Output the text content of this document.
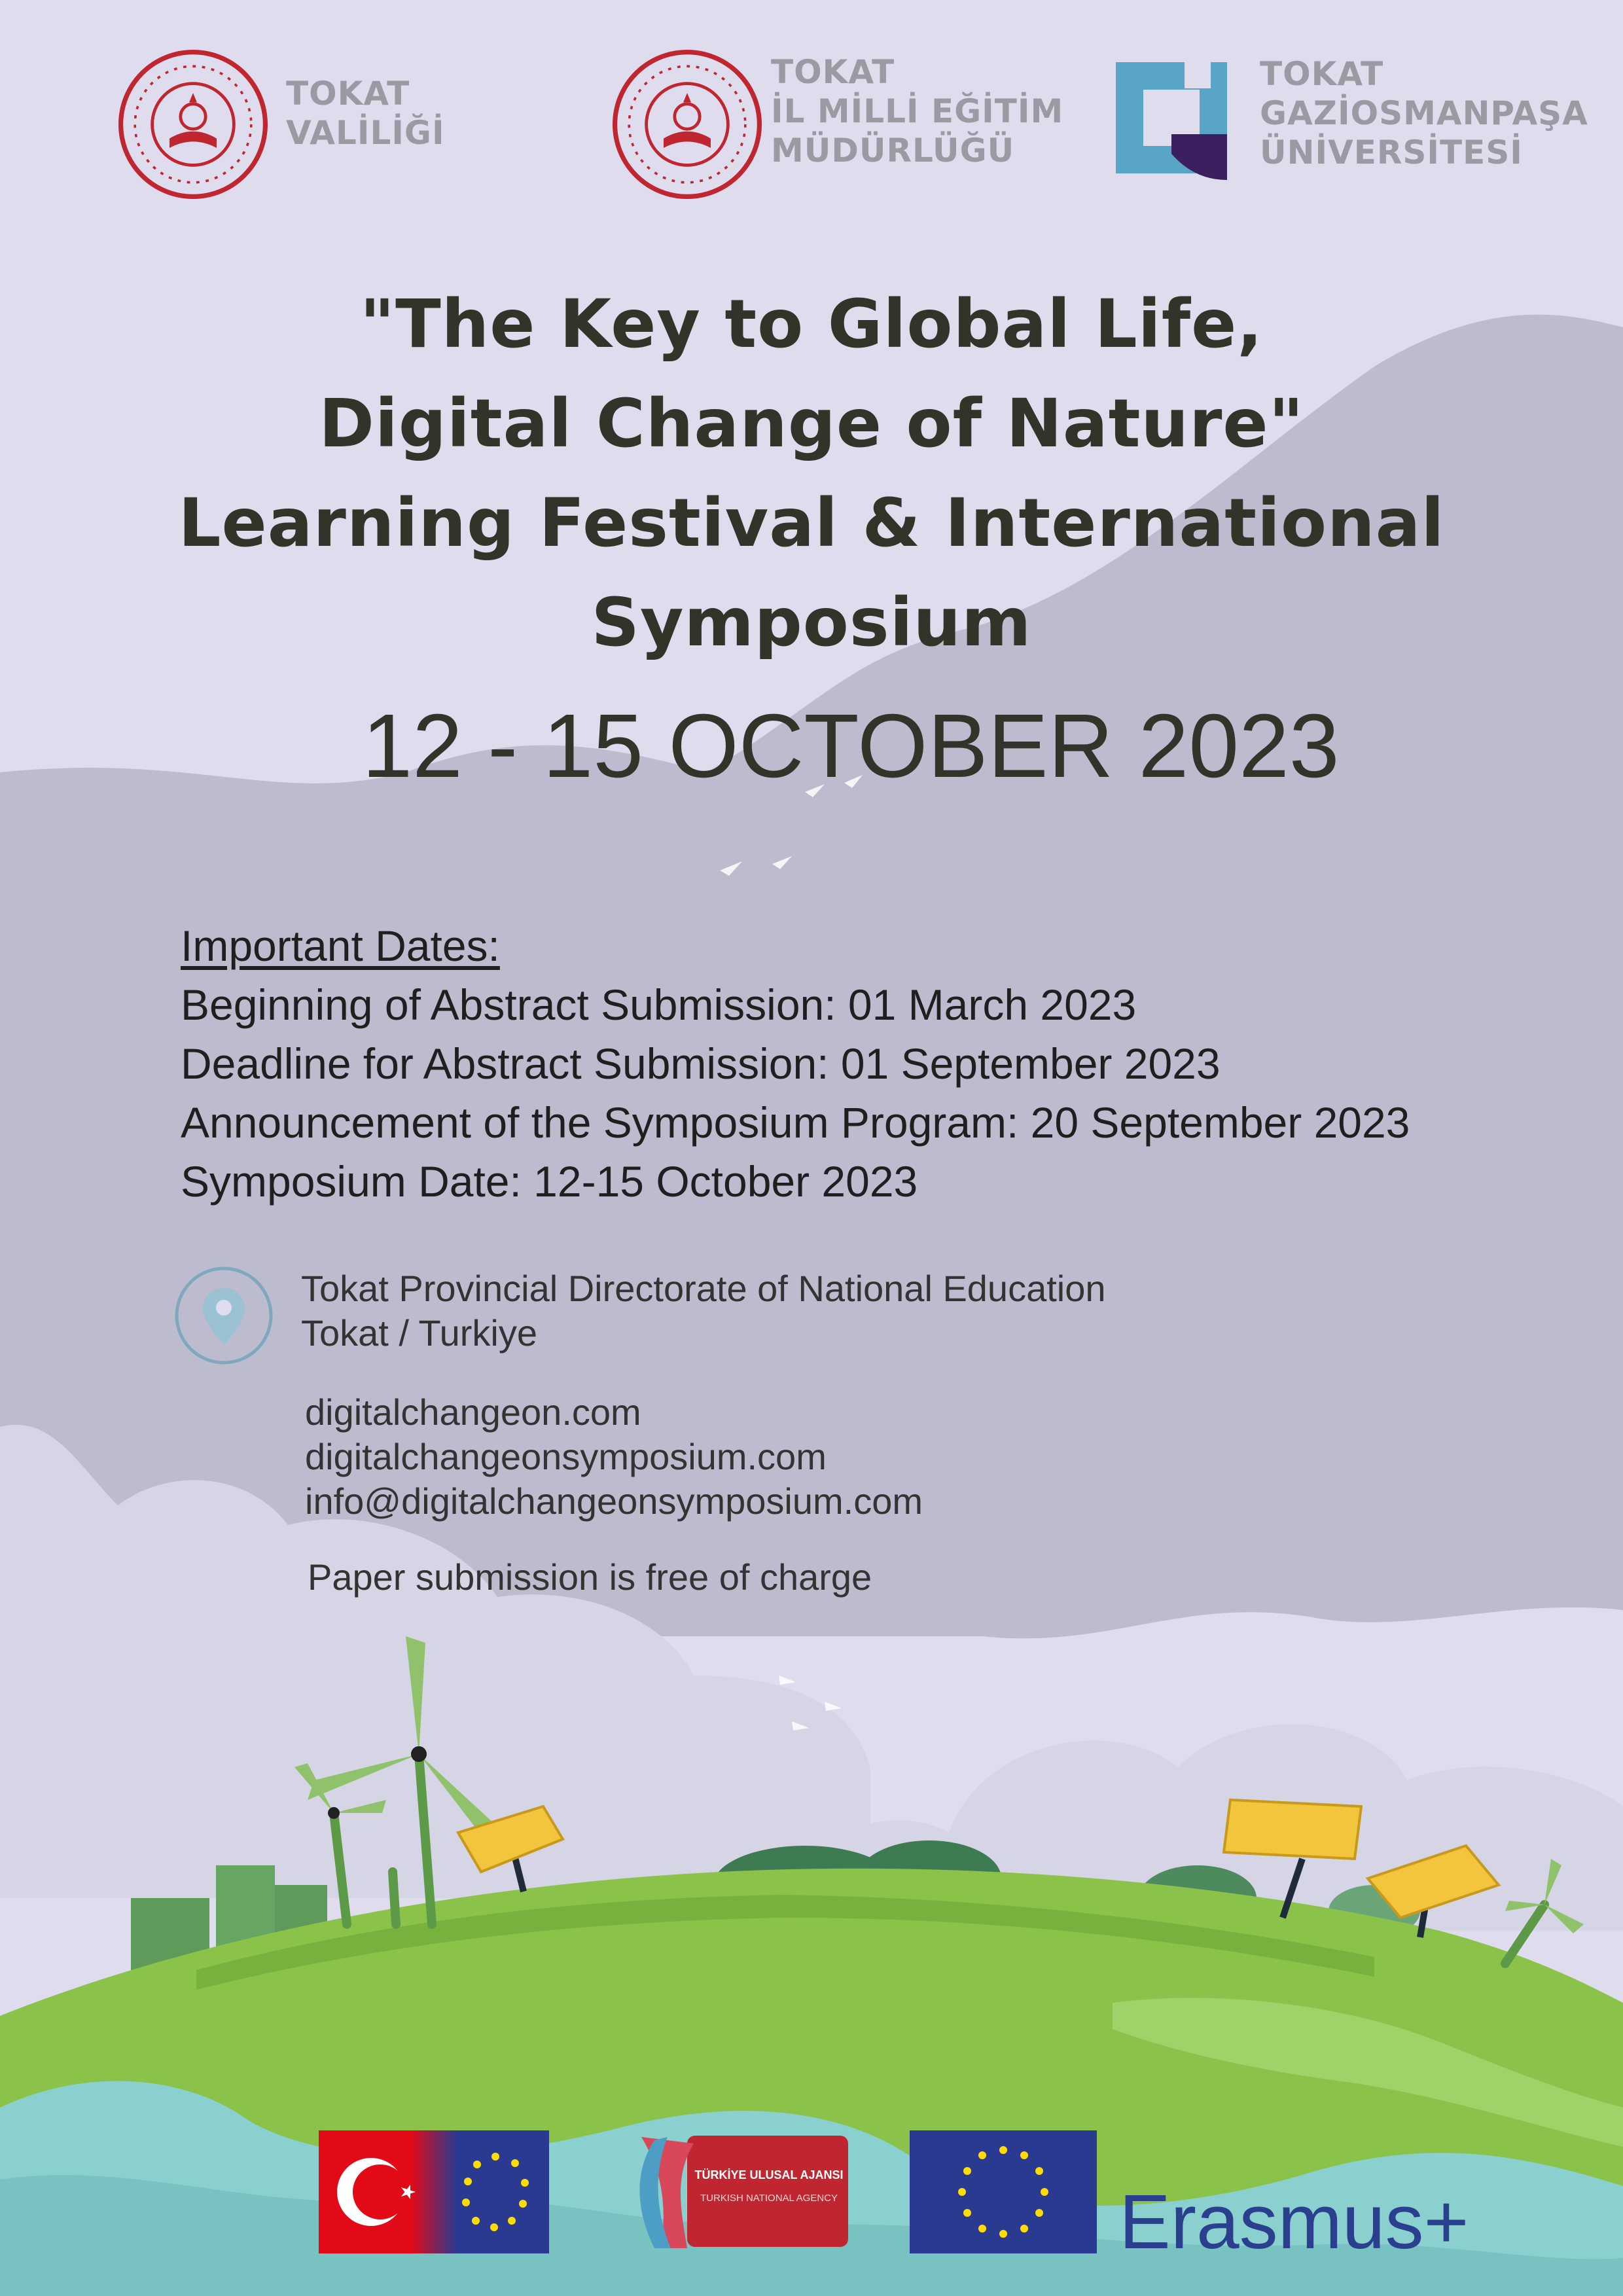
TOKAT
VALİLİĞİ
TOKAT
İL MİLLİ EĞİTİM
MÜDÜRLÜĞÜ
TOKAT
GAZİOSMANPAŞA
ÜNİVERSİTESİ
"The Key to Global Life,
Digital Change of Nature"
Learning Festival & International
Symposium
12 - 15 OCTOBER 2023
Important Dates:
Beginning of Abstract Submission: 01 March 2023
Deadline for Abstract Submission: 01 September 2023
Announcement of the Symposium Program: 20 September 2023
Symposium Date: 12-15 October 2023
Tokat Provincial Directorate of National Education
Tokat / Turkiye
digitalchangeon.com
digitalchangeonsymposium.com
info@digitalchangeonsymposium.com
Paper submission is free of charge
TÜRKİYE ULUSAL AJANSI
TURKISH NATIONAL AGENCY	Erasmus+
